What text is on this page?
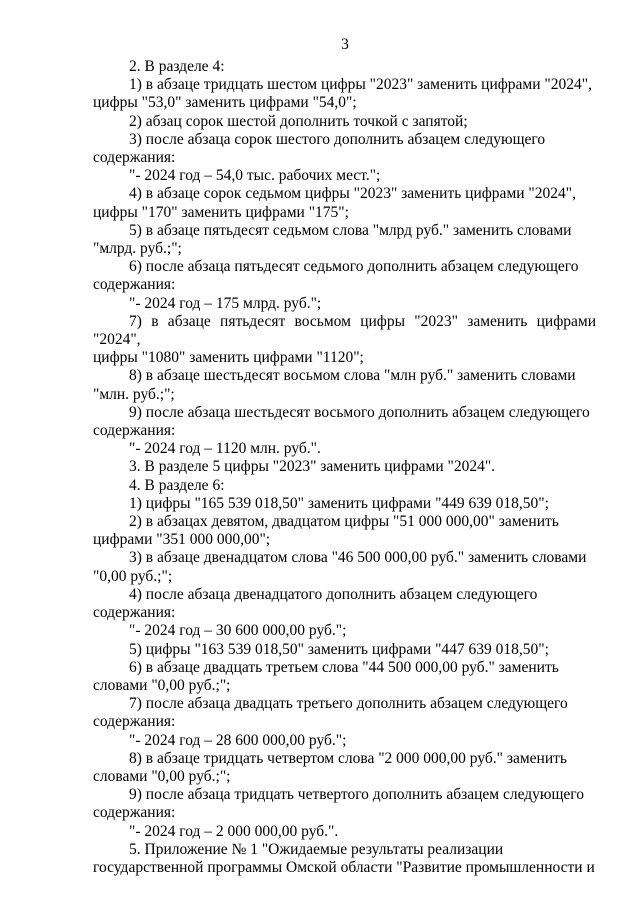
3

2. В разделе 4:

1) в абзаце тридцать шестом цифры "2023" заменить цифрами "2024",
цифры "53,0" заменить цифрами "54,0";

2) абзац сорок шестой дополнить точкой с запятой;

3) после абзаца сорок шестого дополнить абзацем следующего
содержания:

"- 2024 год – 54,0 тыс. рабочих мест.";

4) в абзаце сорок седьмом цифры "2023" заменить цифрами "2024",
цифры "170" заменить цифрами "175";

5) в абзаце пятьдесят седьмом слова "млрд руб." заменить словами
"млрд. руб.;";

6) после абзаца пятьдесят седьмого дополнить абзацем следующего
содержания:

"- 2024 год – 175 млрд. руб.";

7) в абзаце пятьдесят восьмом цифры "2023" заменить цифрами "2024",
цифры "1080" заменить цифрами "1120";

8) в абзаце шестьдесят восьмом слова "млн руб." заменить словами
"млн. руб.;";

9) после абзаца шестьдесят восьмого дополнить абзацем следующего
содержания:

"- 2024 год – 1120 млн. руб.".

3. В разделе 5 цифры "2023" заменить цифрами "2024".

4. В разделе 6:

1) цифры "165 539 018,50" заменить цифрами "449 639 018,50";

2) в абзацах девятом, двадцатом цифры "51 000 000,00" заменить
цифрами "351 000 000,00";

3) в абзаце двенадцатом слова "46 500 000,00 руб." заменить словами
"0,00 руб.;";

4) после абзаца двенадцатого дополнить абзацем следующего
содержания:

"- 2024 год – 30 600 000,00 руб.";

5) цифры "163 539 018,50" заменить цифрами "447 639 018,50";

6) в абзаце двадцать третьем слова "44 500 000,00 руб." заменить
словами "0,00 руб.;";

7) после абзаца двадцать третьего дополнить абзацем следующего
содержания:

"- 2024 год – 28 600 000,00 руб.";

8) в абзаце тридцать четвертом слова "2 000 000,00 руб." заменить
словами "0,00 руб.;";

9) после абзаца тридцать четвертого дополнить абзацем следующего
содержания:

"- 2024 год – 2 000 000,00 руб.".

5. Приложение № 1 "Ожидаемые результаты реализации
государственной программы Омской области "Развитие промышленности и
